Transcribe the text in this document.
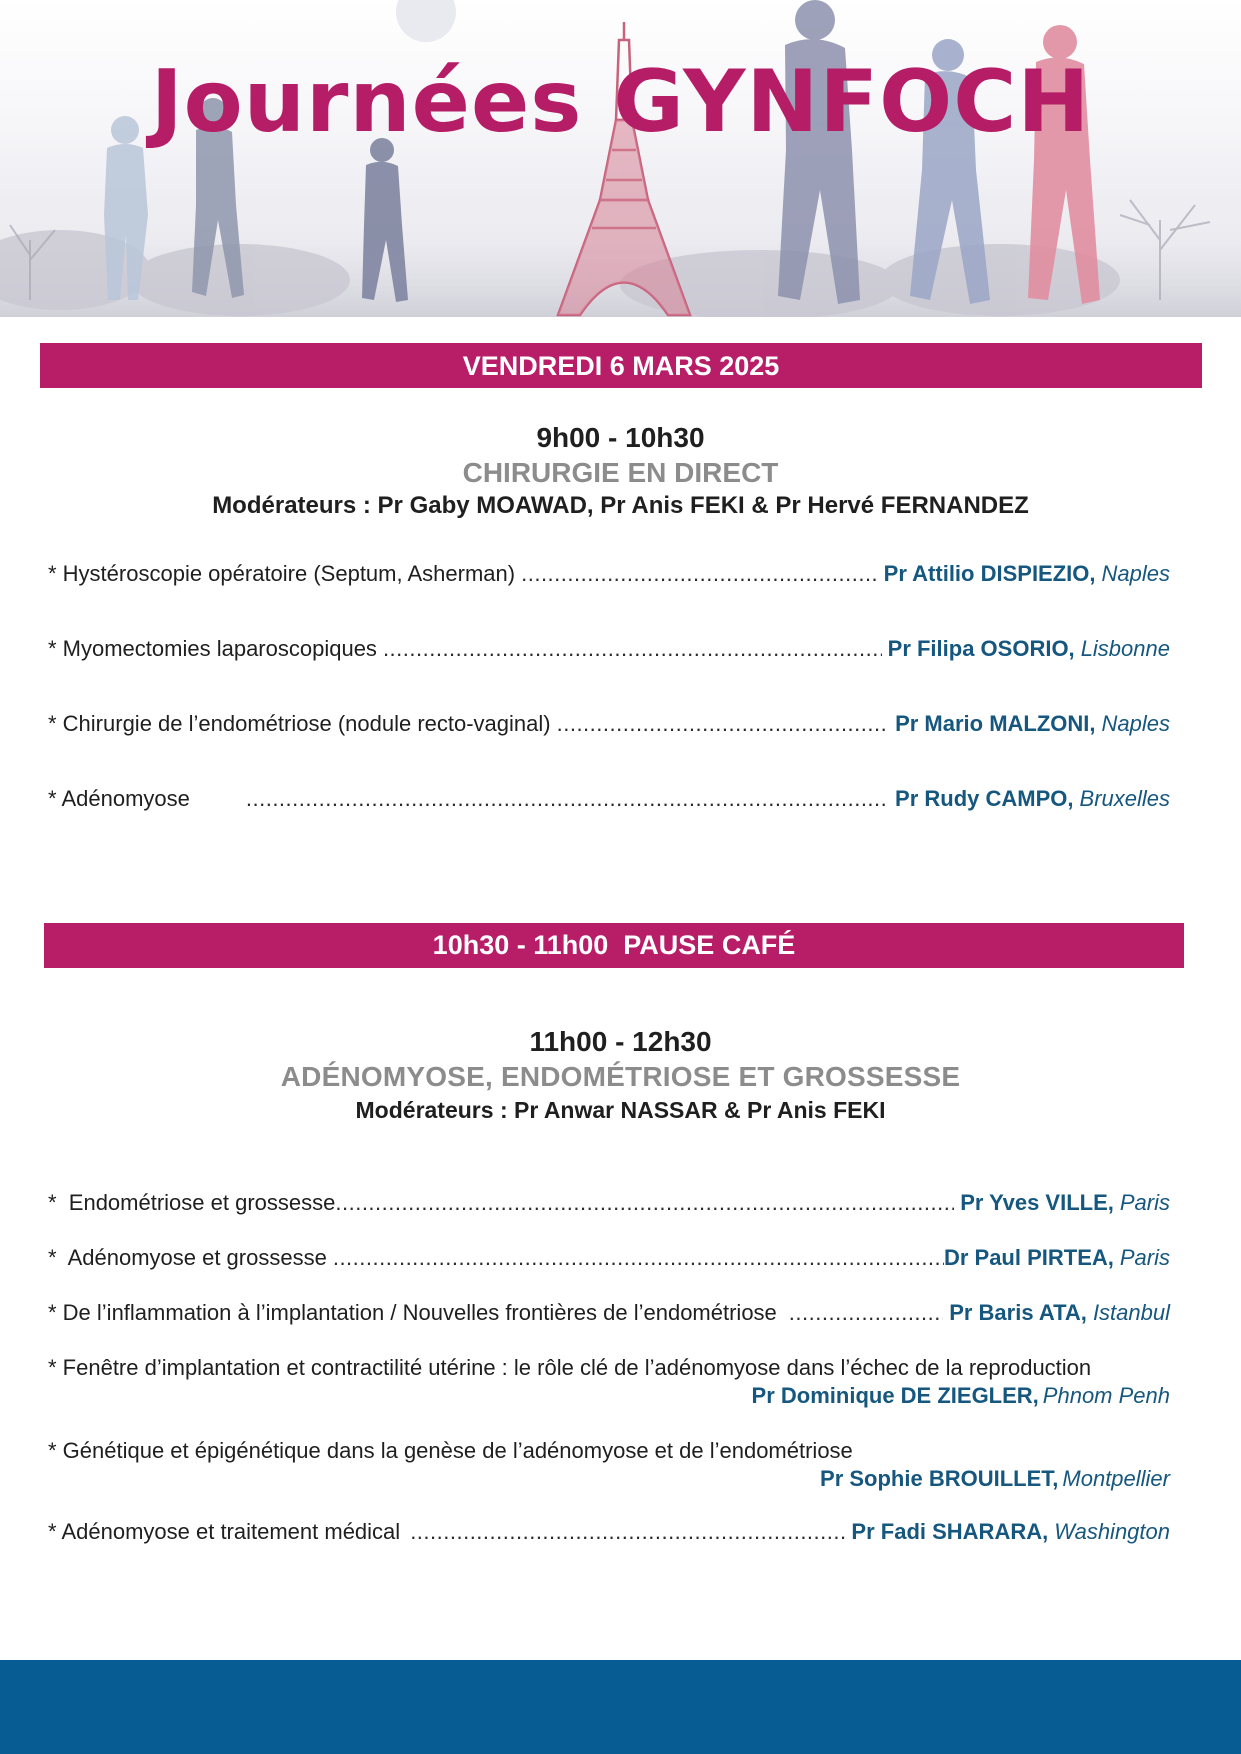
Journées GYNFOCH
VENDREDI 6 MARS 2025
9h00 - 10h30
CHIRURGIE EN DIRECT
Modérateurs : Pr Gaby MOAWAD, Pr Anis FEKI & Pr Hervé FERNANDEZ
* Hystéroscopie opératoire (Septum, Asherman) .....	Pr Attilio DISPIEZIO, Naples
* Myomectomies laparoscopiques .....	Pr Filipa OSORIO, Lisbonne
* Chirurgie de l’endométriose (nodule recto-vaginal) .....	Pr Mario MALZONI, Naples
* Adénomyose .....	Pr Rudy CAMPO, Bruxelles
10h30 - 11h00  PAUSE CAFÉ
11h00 - 12h30
ADÉNOMYOSE, ENDOMÉTRIOSE ET GROSSESSE
Modérateurs : Pr Anwar NASSAR & Pr Anis FEKI
*  Endométriose et grossesse .....	Pr Yves VILLE, Paris
*  Adénomyose et grossesse .....	Dr Paul PIRTEA, Paris
* De l’inflammation à l’implantation / Nouvelles frontières de l’endométriose .....	Pr Baris ATA, Istanbul
* Fenêtre d’implantation et contractilité utérine : le rôle clé de l’adénomyose dans l’échec de la reproduction
Pr Dominique DE ZIEGLER, Phnom Penh
* Génétique et épigénétique dans la genèse de l’adénomyose et de l’endométriose
Pr Sophie BROUILLET, Montpellier
* Adénomyose et traitement médical .....	Pr Fadi SHARARA, Washington
